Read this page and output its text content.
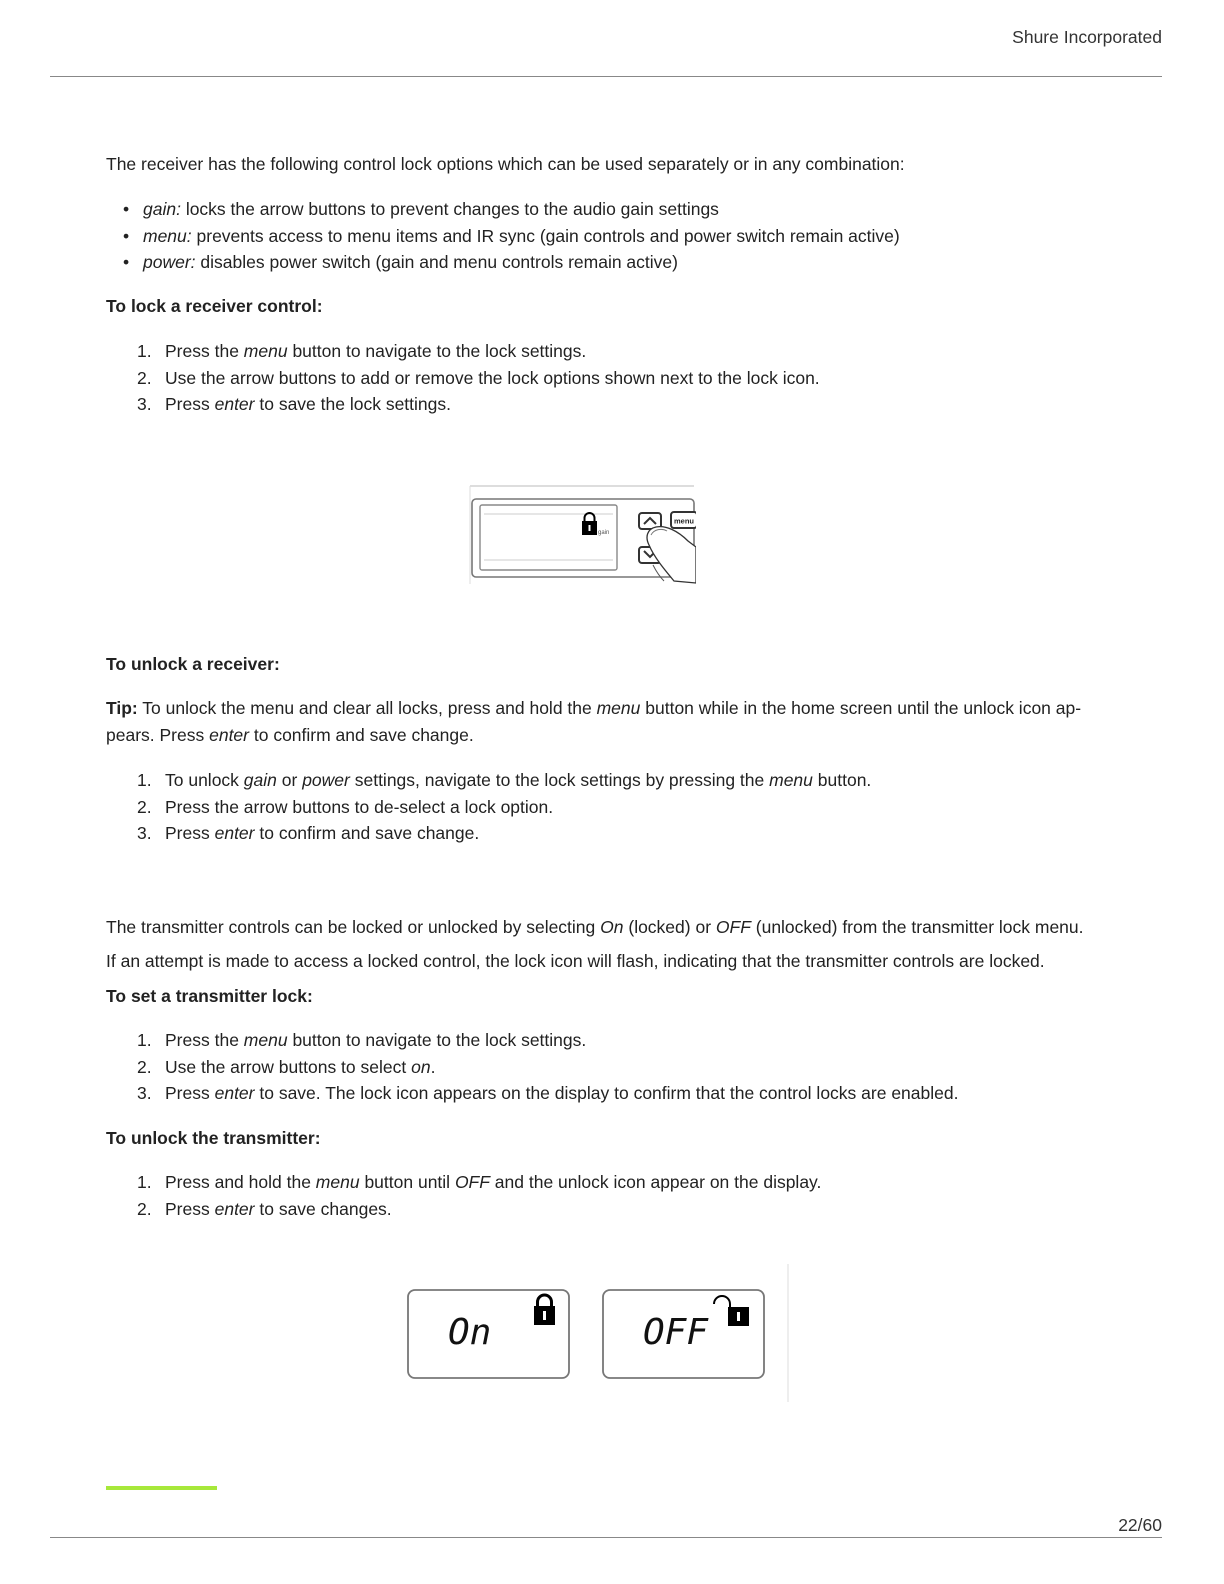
Shure Incorporated

The receiver has the following control lock options which can be used separately or in any combination:

• gain: locks the arrow buttons to prevent changes to the audio gain settings
• menu: prevents access to menu items and IR sync (gain controls and power switch remain active)
• power: disables power switch (gain and menu controls remain active)

To lock a receiver control:

1. Press the menu button to navigate to the lock settings.
2. Use the arrow buttons to add or remove the lock options shown next to the lock icon.
3. Press enter to save the lock settings.
gain
menu

To unlock a receiver:

Tip: To unlock the menu and clear all locks, press and hold the menu button while in the home screen until the unlock icon ap-
pears. Press enter to confirm and save change.

1. To unlock gain or power settings, navigate to the lock settings by pressing the menu button.
2. Press the arrow buttons to de-select a lock option.
3. Press enter to confirm and save change.

The transmitter controls can be locked or unlocked by selecting On (locked) or OFF (unlocked) from the transmitter lock menu.

If an attempt is made to access a locked control, the lock icon will flash, indicating that the transmitter controls are locked.

To set a transmitter lock:

1. Press the menu button to navigate to the lock settings.
2. Use the arrow buttons to select on.
3. Press enter to save. The lock icon appears on the display to confirm that the control locks are enabled.

To unlock the transmitter:

1. Press and hold the menu button until OFF and the unlock icon appear on the display.
2. Press enter to save changes.
On	OFF
22/60
